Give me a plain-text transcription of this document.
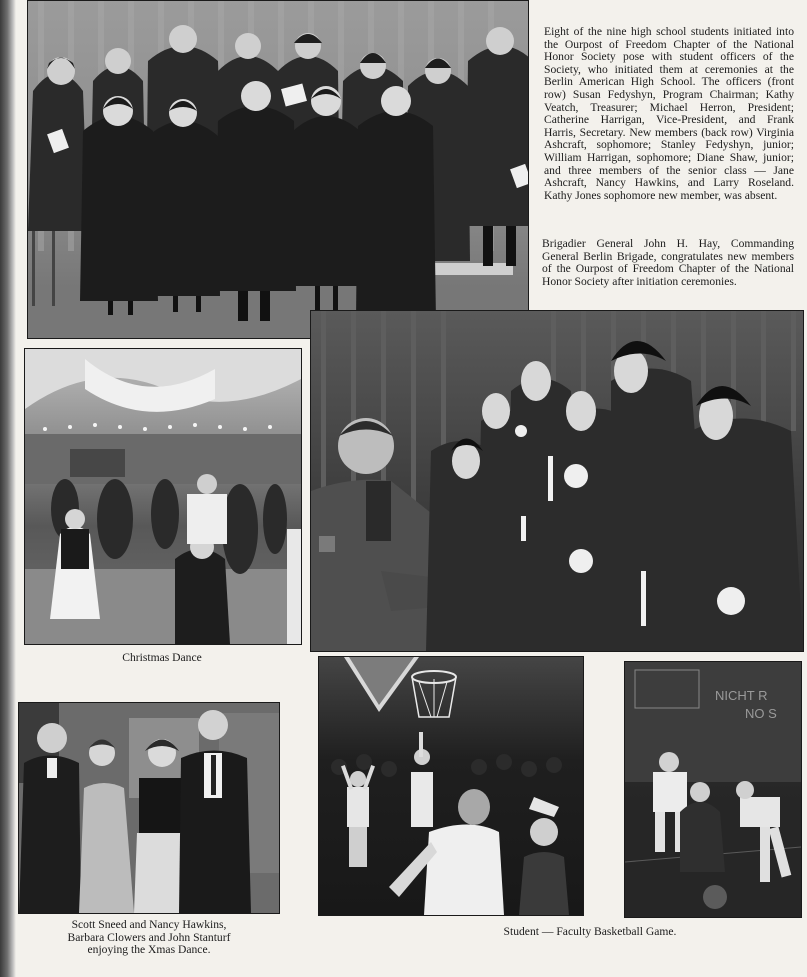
Eight of the nine high school students initiated into the Ourpost of Freedom Chapter of the National Honor Society pose with student officers of the Society, who initiated them at ceremonies at the Berlin American High School. The officers (front row) Susan Fedyshyn, Program Chairman; Kathy Veatch, Treasurer; Michael Herron, President; Catherine Harrigan, Vice-President, and Frank Harris, Secretary. New members (back row) Virginia Ashcraft, sophomore; Stanley Fedyshyn, junior; William Harrigan, sophomore; Diane Shaw, junior; and three members of the senior class — Jane Ashcraft, Nancy Hawkins, and Larry Roseland. Kathy Jones sophomore new member, was absent.

Brigadier General John H. Hay, Commanding General Berlin Brigade, congratulates new members of the Ourpost of Freedom Chapter of the National Honor Society after initiation ceremonies.

Christmas Dance

Scott Sneed and Nancy Hawkins,
Barbara Clowers and John Stanturf
enjoying the Xmas Dance.

NICHT R
NO S

Student — Faculty Basketball Game.
